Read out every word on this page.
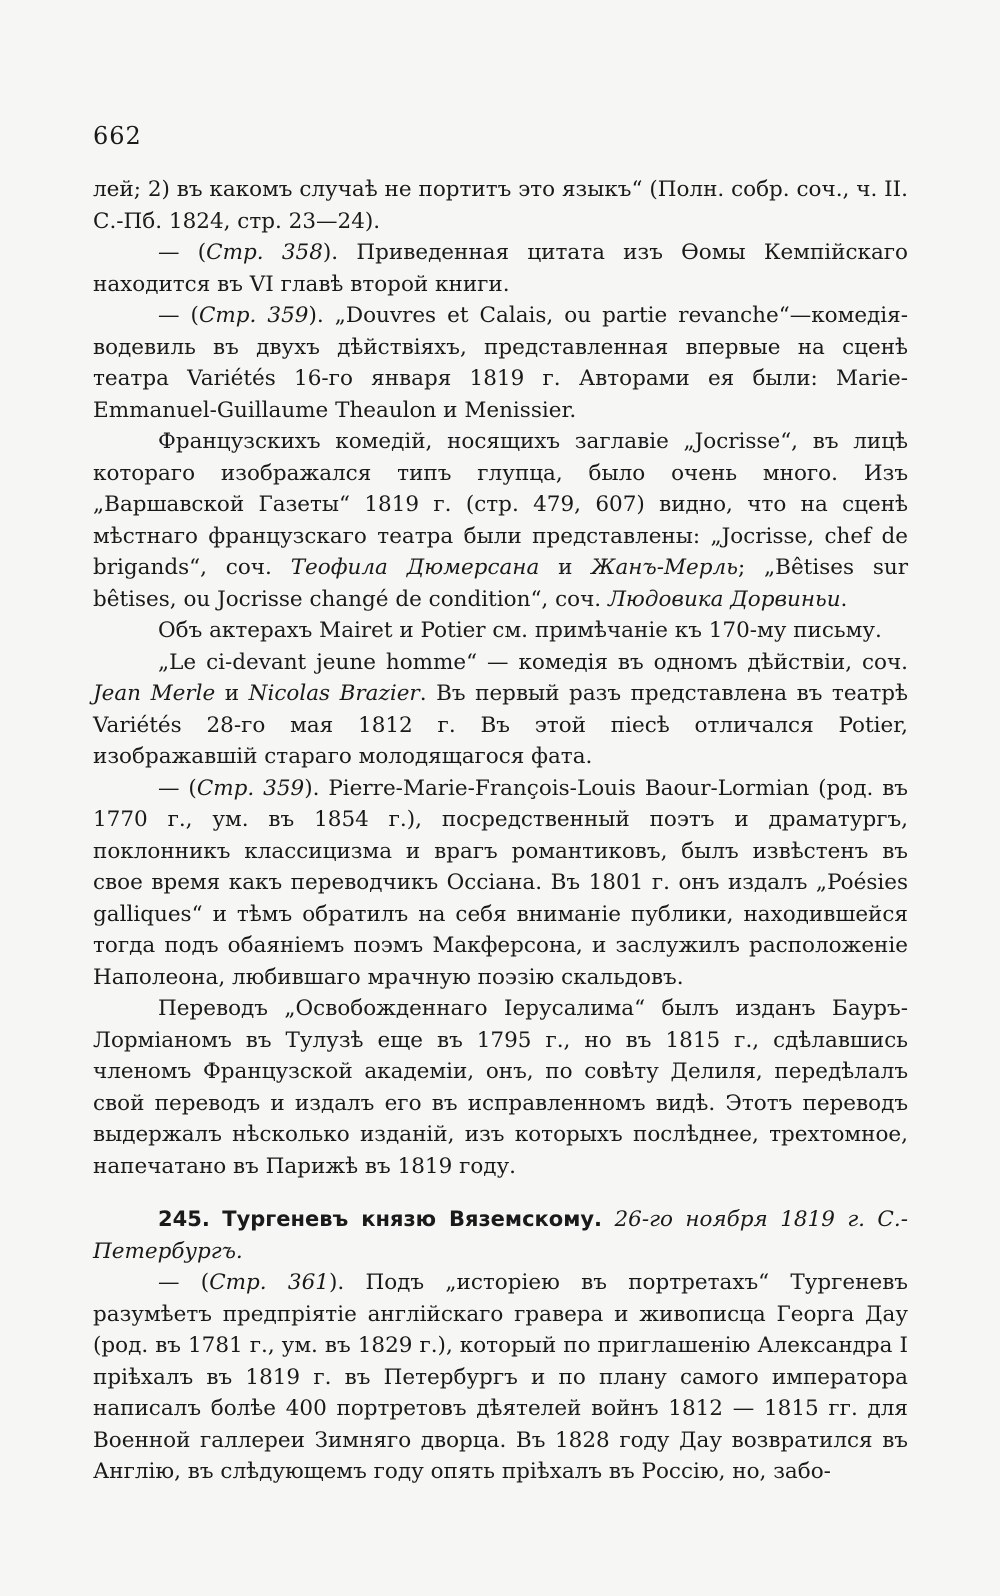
662

лей; 2) въ какомъ случаѣ не портитъ это языкъ“ (Полн. собр. соч., ч. II. С.-Пб. 1824, стр. 23—24).

— (Стр. 358). Приведенная цитата изъ Ѳомы Кемпійскаго находится въ VI главѣ второй книги.

— (Стр. 359). „Douvres et Calais, ou partie revanche“—комедія-водевиль въ двухъ дѣйствіяхъ, представленная впервые на сценѣ театра Variétés 16-го января 1819 г. Авторами ея были: Marie-Emmanuel-Guillaume Theaulon и Menissier.

Французскихъ комедій, носящихъ заглавіе „Jocrisse“, въ лицѣ котораго изображался типъ глупца, было очень много. Изъ „Варшавской Газеты“ 1819 г. (стр. 479, 607) видно, что на сценѣ мѣстнаго французскаго театра были представлены: „Jocrisse, chef de brigands“, соч. Теофила Дюмерсана и Жанъ-Мерль; „Bêtises sur bêtises, ou Jocrisse changé de condition“, соч. Людовика Дорвиньи.

Объ актерахъ Mairet и Potier см. примѣчаніе къ 170-му письму.

„Le ci-devant jeune homme“ — комедія въ одномъ дѣйствіи, соч. Jean Merle и Nicolas Brazier. Въ первый разъ представлена въ театрѣ Variétés 28-го мая 1812 г. Въ этой піесѣ отличался Potier, изображавшій стараго молодящагося фата.

— (Стр. 359). Pierre-Marie-François-Louis Baour-Lormian (род. въ 1770 г., ум. въ 1854 г.), посредственный поэтъ и драматургъ, поклонникъ классицизма и врагъ романтиковъ, былъ извѣстенъ въ свое время какъ переводчикъ Оссіана. Въ 1801 г. онъ издалъ „Poésies galliques“ и тѣмъ обратилъ на себя вниманіе публики, находившейся тогда подъ обаяніемъ поэмъ Макферсона, и заслужилъ расположеніе Наполеона, любившаго мрачную поэзію скальдовъ.

Переводъ „Освобожденнаго Іерусалима“ былъ изданъ Бауръ-Лорміаномъ въ Тулузѣ еще въ 1795 г., но въ 1815 г., сдѣлавшись членомъ Французской академіи, онъ, по совѣту Делиля, передѣлалъ свой переводъ и издалъ его въ исправленномъ видѣ. Этотъ переводъ выдержалъ нѣсколько изданій, изъ которыхъ послѣднее, трехтомное, напечатано въ Парижѣ въ 1819 году.

245. Тургеневъ князю Вяземскому. 26-го ноября 1819 г. С.-Петербургъ.

— (Стр. 361). Подъ „исторіею въ портретахъ“ Тургеневъ разумѣетъ предпріятіе англійскаго гравера и живописца Георга Дау (род. въ 1781 г., ум. въ 1829 г.), который по приглашенію Александра I пріѣхалъ въ 1819 г. въ Петербургъ и по плану самого императора написалъ болѣе 400 портретовъ дѣятелей войнъ 1812 — 1815 гг. для Военной галлереи Зимняго дворца. Въ 1828 году Дау возвратился въ Англію, въ слѣдующемъ году опять пріѣхалъ въ Россію, но, забо-
